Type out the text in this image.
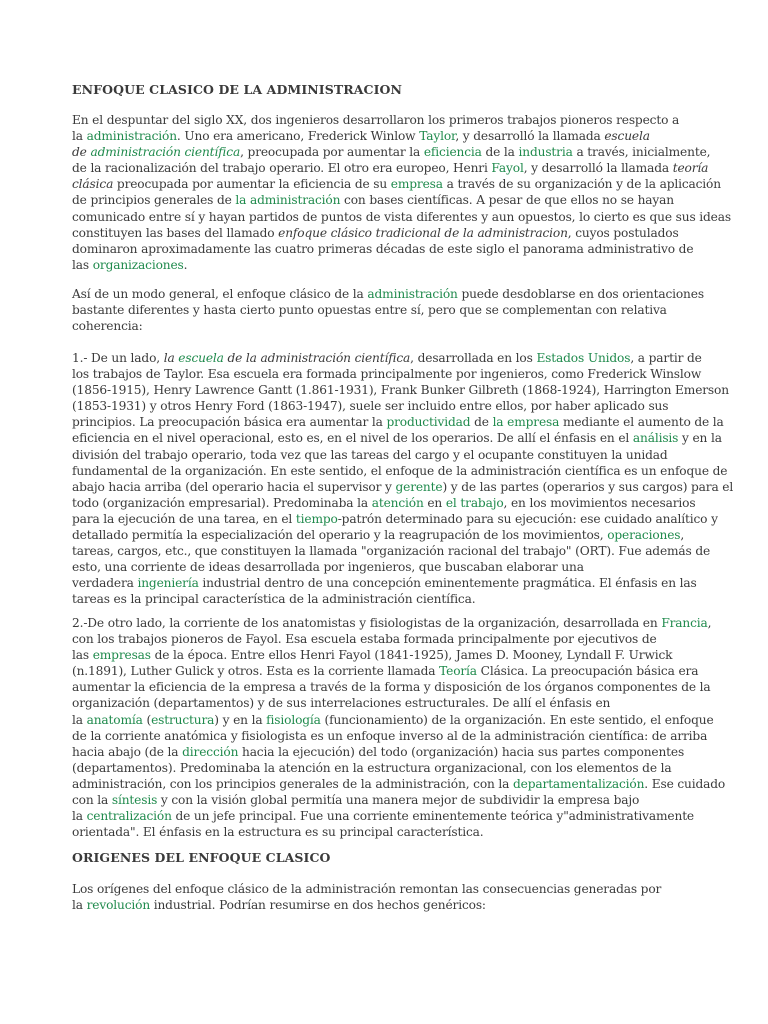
ENFOQUE CLASICO DE LA ADMINISTRACION

En el despuntar del siglo XX, dos ingenieros desarrollaron los primeros trabajos pioneros respecto a
la administración. Uno era americano, Frederick Winlow Taylor, y desarrolló la llamada escuela
de administración científica, preocupada por aumentar la eficiencia de la industria a través, inicialmente,
de la racionalización del trabajo operario. El otro era europeo, Henri Fayol, y desarrolló la llamada teoría
clásica preocupada por aumentar la eficiencia de su empresa a través de su organización y de la aplicación
de principios generales de la administración con bases científicas. A pesar de que ellos no se hayan
comunicado entre sí y hayan partidos de puntos de vista diferentes y aun opuestos, lo cierto es que sus ideas
constituyen las bases del llamado enfoque clásico tradicional de la administracion, cuyos postulados
dominaron aproximadamente las cuatro primeras décadas de este siglo el panorama administrativo de
las organizaciones.

Así de un modo general, el enfoque clásico de la administración puede desdoblarse en dos orientaciones
bastante diferentes y hasta cierto punto opuestas entre sí, pero que se complementan con relativa
coherencia:

1.- De un lado, la escuela de la administración científica, desarrollada en los Estados Unidos, a partir de
los trabajos de Taylor. Esa escuela era formada principalmente por ingenieros, como Frederick Winslow
(1856-1915), Henry Lawrence Gantt (1.861-1931), Frank Bunker Gilbreth (1868-1924), Harrington Emerson
(1853-1931) y otros Henry Ford (1863-1947), suele ser incluido entre ellos, por haber aplicado sus
principios. La preocupación básica era aumentar la productividad de la empresa mediante el aumento de la
eficiencia en el nivel operacional, esto es, en el nivel de los operarios. De allí el énfasis en el análisis y en la
división del trabajo operario, toda vez que las tareas del cargo y el ocupante constituyen la unidad
fundamental de la organización. En este sentido, el enfoque de la administración científica es un enfoque de
abajo hacia arriba (del operario hacia el supervisor y gerente) y de las partes (operarios y sus cargos) para el
todo (organización empresarial). Predominaba la atención en el trabajo, en los movimientos necesarios
para la ejecución de una tarea, en el tiempo-patrón determinado para su ejecución: ese cuidado analítico y
detallado permitía la especialización del operario y la reagrupación de los movimientos, operaciones,
tareas, cargos, etc., que constituyen la llamada "organización racional del trabajo" (ORT). Fue además de
esto, una corriente de ideas desarrollada por ingenieros, que buscaban elaborar una
verdadera ingeniería industrial dentro de una concepción eminentemente pragmática. El énfasis en las
tareas es la principal característica de la administración científica.

2.-De otro lado, la corriente de los anatomistas y fisiologistas de la organización, desarrollada en Francia,
con los trabajos pioneros de Fayol. Esa escuela estaba formada principalmente por ejecutivos de
las empresas de la época. Entre ellos Henri Fayol (1841-1925), James D. Mooney, Lyndall F. Urwick
(n.1891), Luther Gulick y otros. Esta es la corriente llamada Teoría Clásica. La preocupación básica era
aumentar la eficiencia de la empresa a través de la forma y disposición de los órganos componentes de la
organización (departamentos) y de sus interrelaciones estructurales. De allí el énfasis en
la anatomía (estructura) y en la fisiología (funcionamiento) de la organización. En este sentido, el enfoque
de la corriente anatómica y fisiologista es un enfoque inverso al de la administración científica: de arriba
hacia abajo (de la dirección hacia la ejecución) del todo (organización) hacia sus partes componentes
(departamentos). Predominaba la atención en la estructura organizacional, con los elementos de la
administración, con los principios generales de la administración, con la departamentalización. Ese cuidado
con la síntesis y con la visión global permitía una manera mejor de subdividir la empresa bajo
la centralización de un jefe principal. Fue una corriente eminentemente teórica y"administrativamente
orientada". El énfasis en la estructura es su principal característica.

ORIGENES DEL ENFOQUE CLASICO

Los orígenes del enfoque clásico de la administración remontan las consecuencias generadas por
la revolución industrial. Podrían resumirse en dos hechos genéricos:
